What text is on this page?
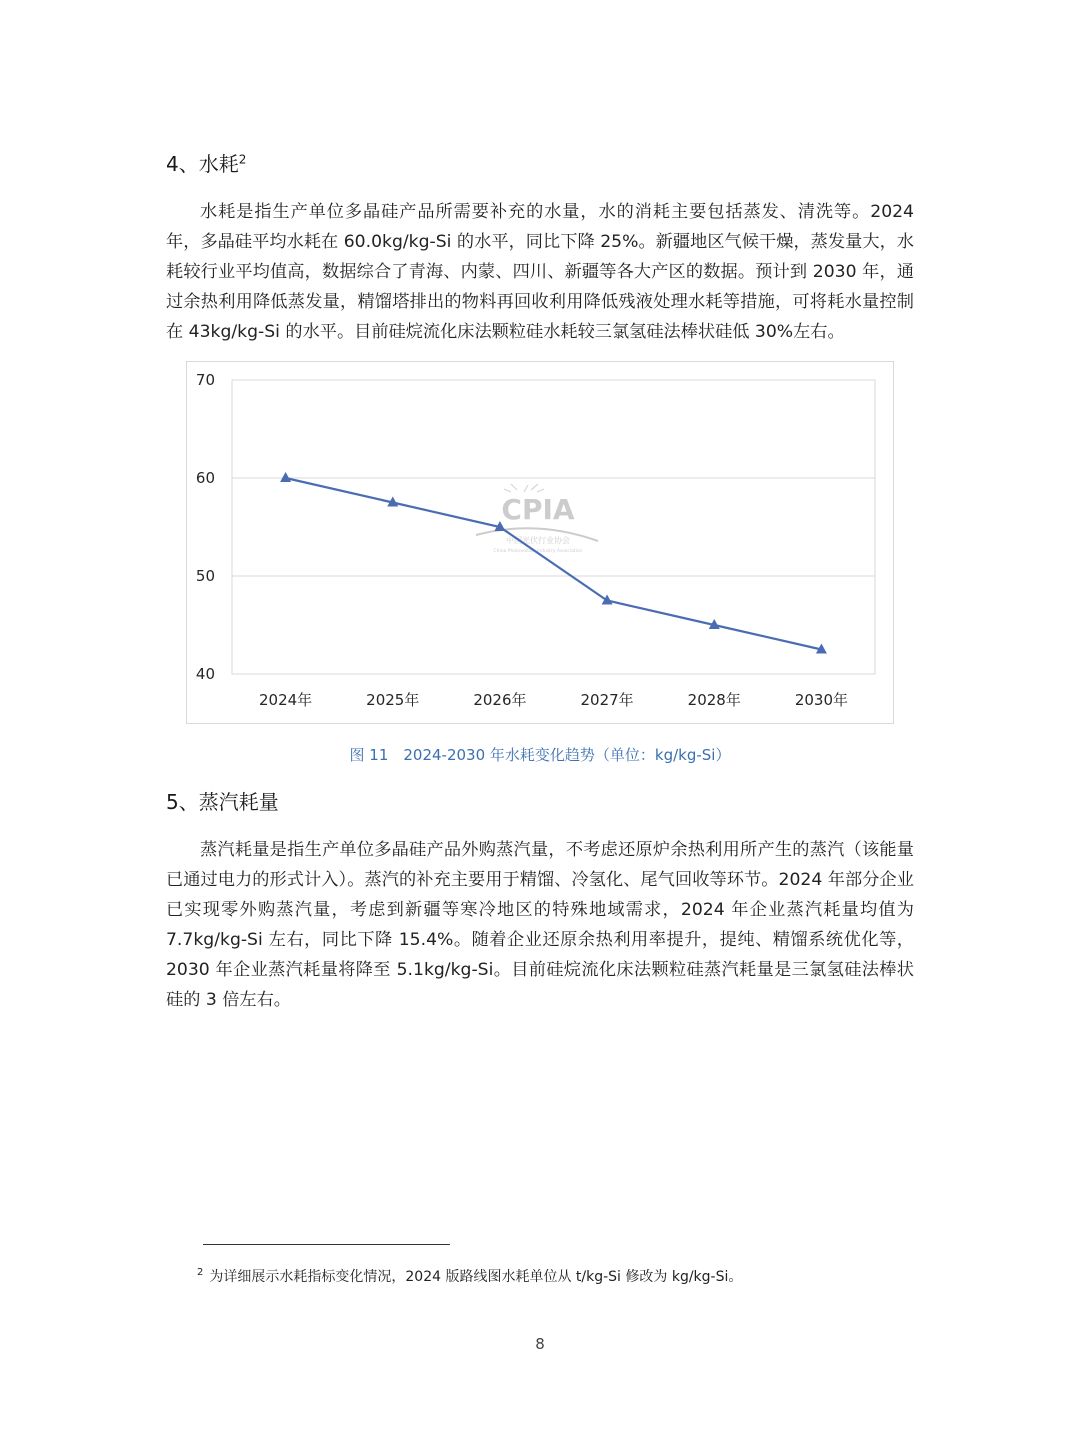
4、水耗$^2$

水耗是指生产单位多晶硅产品所需要补充的水量，水的消耗主要包括蒸发、清洗等。2024年，多晶硅平均水耗在 60.0kg/kg-Si 的水平，同比下降 25%。新疆地区气候干燥，蒸发量大，水耗较行业平均值高，数据综合了青海、内蒙、四川、新疆等各大产区的数据。预计到 2030 年，通过余热利用降低蒸发量，精馏塔排出的物料再回收利用降低残液处理水耗等措施，可将耗水量控制在 43kg/kg-Si 的水平。目前硅烷流化床法颗粒硅水耗较三氯氢硅法棒状硅低 30%左右。

40
50
60
70
2024年	2025年	2026年	2027年	2028年	2030年
CPIA
中国光伏行业协会
China Photovoltaic Industry Association
图 11　2024-2030 年水耗变化趋势（单位：kg/kg-Si）
5、蒸汽耗量

蒸汽耗量是指生产单位多晶硅产品外购蒸汽量，不考虑还原炉余热利用所产生的蒸汽（该能量已通过电力的形式计入）。蒸汽的补充主要用于精馏、冷氢化、尾气回收等环节。2024 年部分企业已实现零外购蒸汽量，考虑到新疆等寒冷地区的特殊地域需求，2024 年企业蒸汽耗量均值为 7.7kg/kg-Si 左右，同比下降 15.4%。随着企业还原余热利用率提升，提纯、精馏系统优化等，2030 年企业蒸汽耗量将降至 5.1kg/kg-Si。目前硅烷流化床法颗粒硅蒸汽耗量是三氯氢硅法棒状硅的 3 倍左右。

$^2$ 为详细展示水耗指标变化情况，2024 版路线图水耗单位从 t/kg-Si 修改为 kg/kg-Si。
8
